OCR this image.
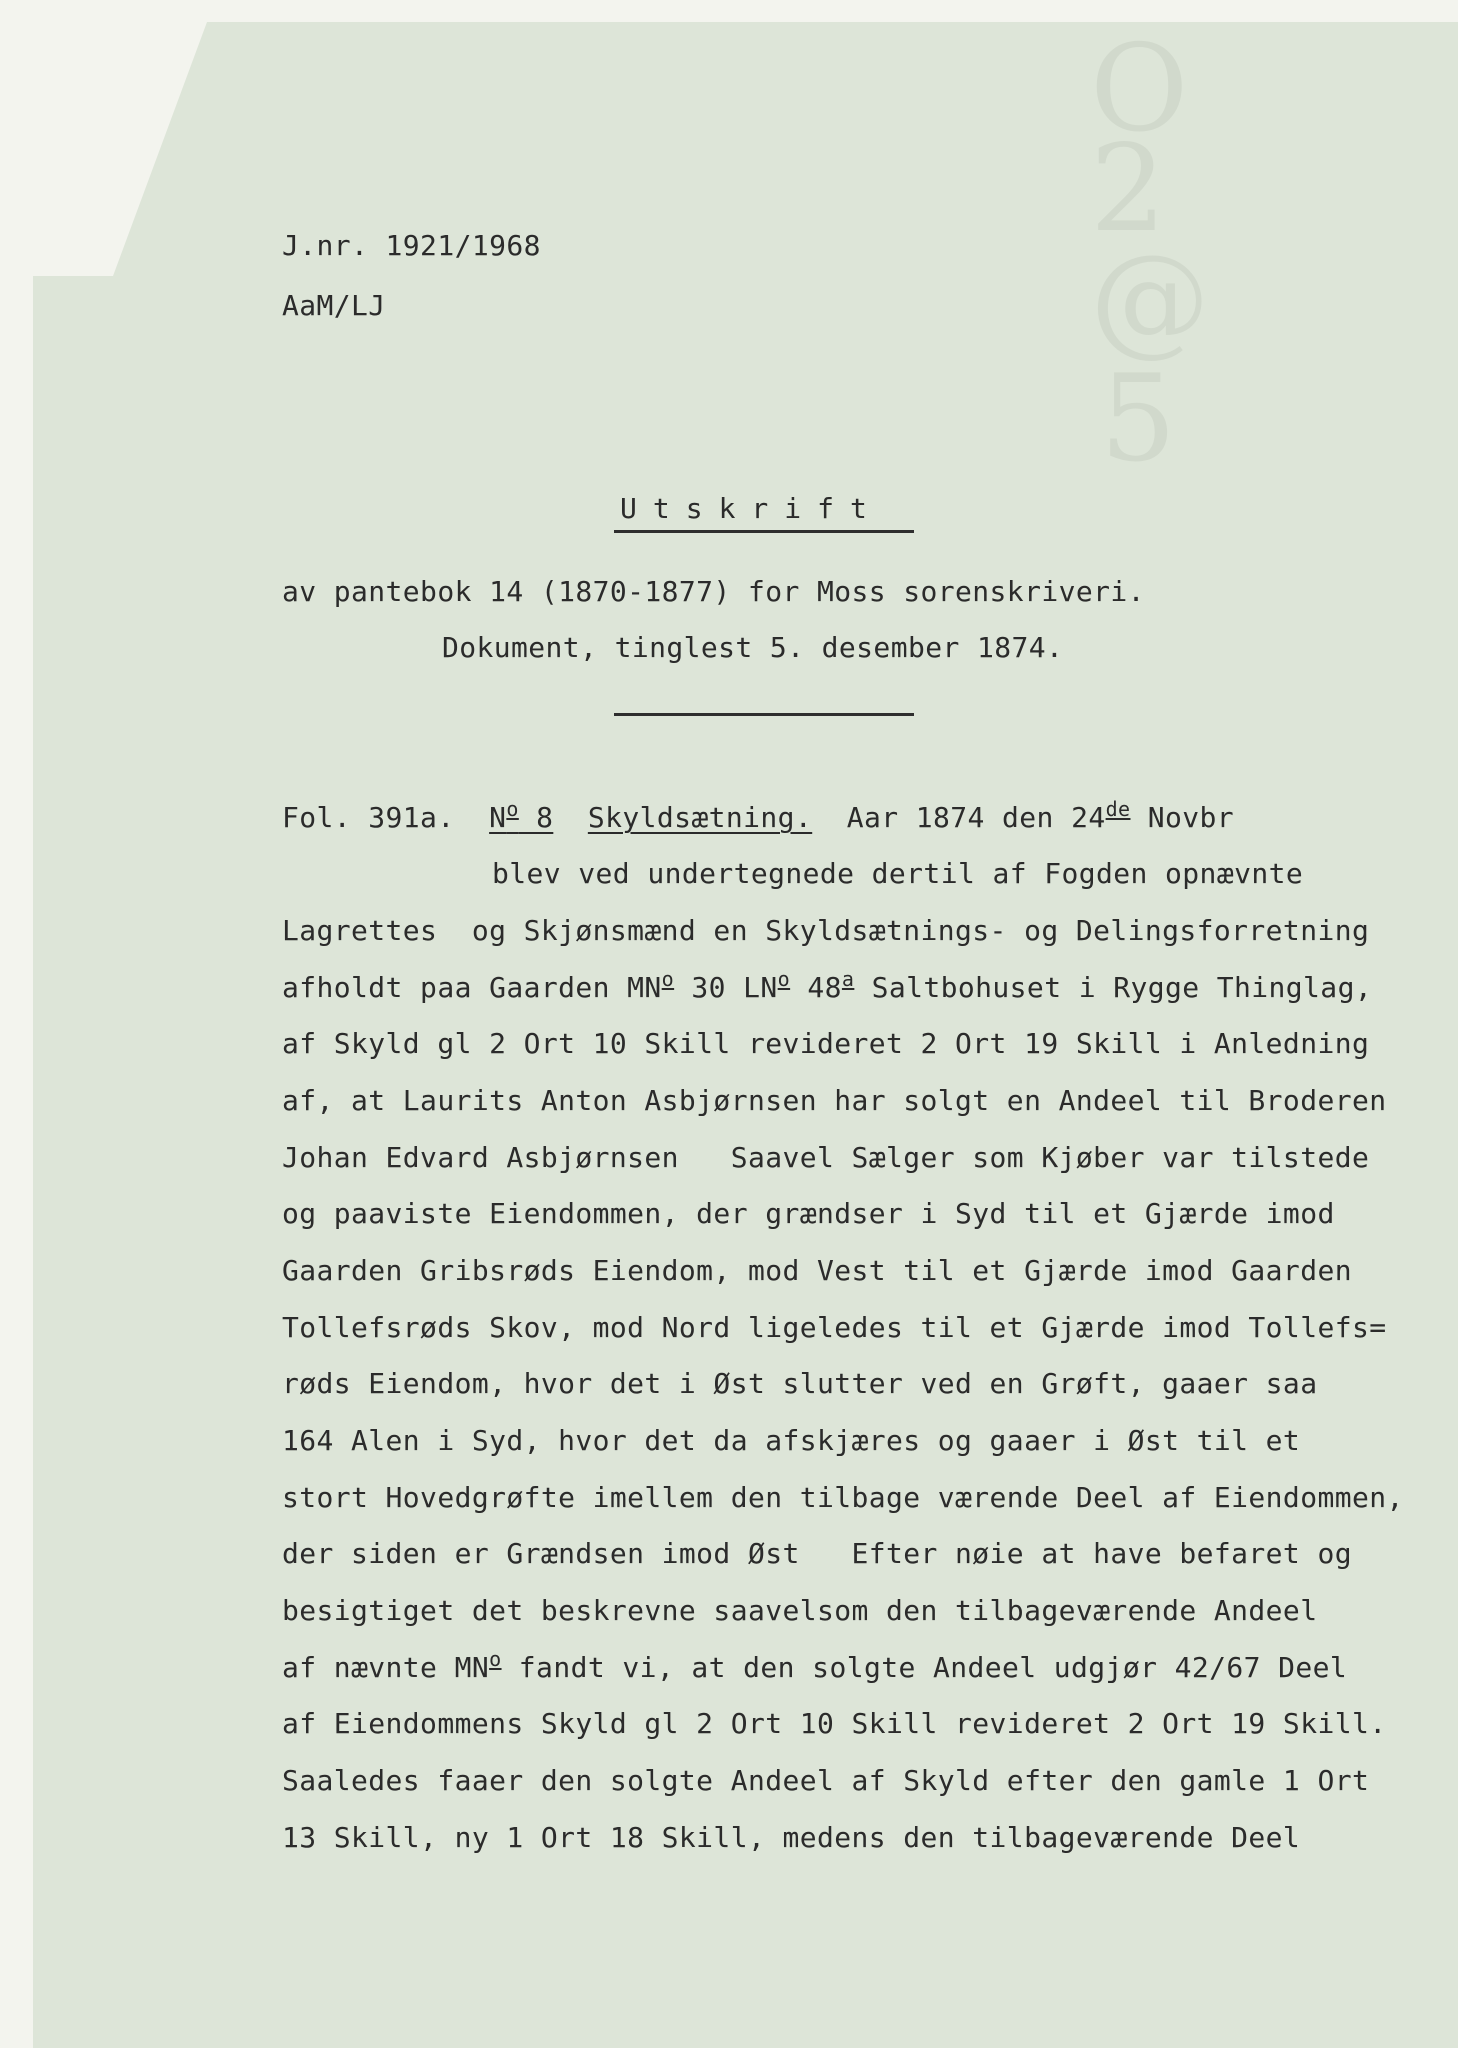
O
2
@
5
J.nr. 1921/1968
AaM/LJ
Utskrift
av pantebok 14 (1870-1877) for Moss sorenskriveri.
Dokument, tinglest 5. desember 1874.
Fol. 391a. $N^o$ 8 Skyldsætning. Aar 1874 den 24de Novbr
blev ved undertegnede dertil af Fogden opnævnte
Lagrettes  og Skjønsmænd en Skyldsætnings- og Delingsforretning
afholdt paa Gaarden $MN^o$ 30 $LN^o$ 48$^a$ Saltbohuset i Rygge Thinglag,
af Skyld gl 2 Ort 10 Skill revideret 2 Ort 19 Skill i Anledning
af, at Laurits Anton Asbjørnsen har solgt en Andeel til Broderen
Johan Edvard Asbjørnsen   Saavel Sælger som Kjøber var tilstede
og paaviste Eiendommen, der grændser i Syd til et Gjærde imod
Gaarden Gribsrøds Eiendom, mod Vest til et Gjærde imod Gaarden
Tollefsrøds Skov, mod Nord ligeledes til et Gjærde imod Tollefs=
røds Eiendom, hvor det i Øst slutter ved en Grøft, gaaer saa
164 Alen i Syd, hvor det da afskjæres og gaaer i Øst til et
stort Hovedgrøfte imellem den tilbage værende Deel af Eiendommen,
der siden er Grændsen imod Øst   Efter nøie at have befaret og
besigtiget det beskrevne saavelsom den tilbageværende Andeel
af nævnte $MN^o$ fandt vi, at den solgte Andeel udgjør 42/67 Deel
af Eiendommens Skyld gl 2 Ort 10 Skill revideret 2 Ort 19 Skill.
Saaledes faaer den solgte Andeel af Skyld efter den gamle 1 Ort
13 Skill, ny 1 Ort 18 Skill, medens den tilbageværende Deel
